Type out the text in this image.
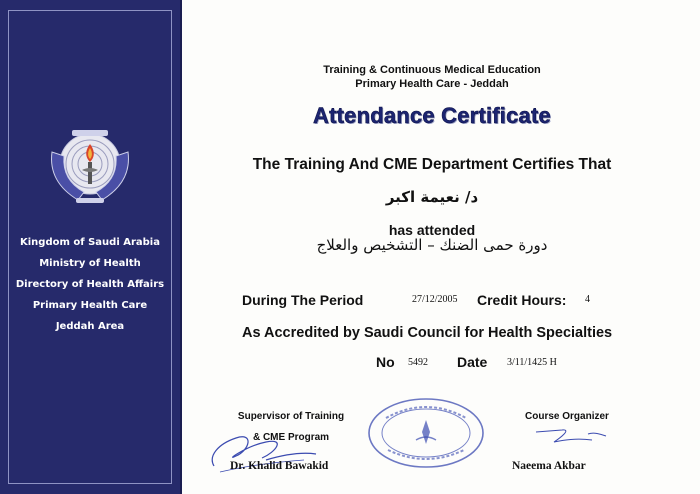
Kingdom of Saudi Arabia
Ministry of Health
Directory of Health Affairs
Primary Health Care
Jeddah Area
Training & Continuous Medical Education
Primary Health Care - Jeddah
Attendance Certificate
The Training And CME Department Certifies That
د/ نعيمة اكبر
has attended
دورة حمى الضنك – التشخيص والعلاج
During The Period	27/12/2005 Credit Hours: 4
As Accredited by Saudi Council for Health Specialties
No 5492 Date 3/11/1425 H
Supervisor of Training
& CME Program
Dr. Khalid Bawakid
Course Organizer
Naeema Akbar
